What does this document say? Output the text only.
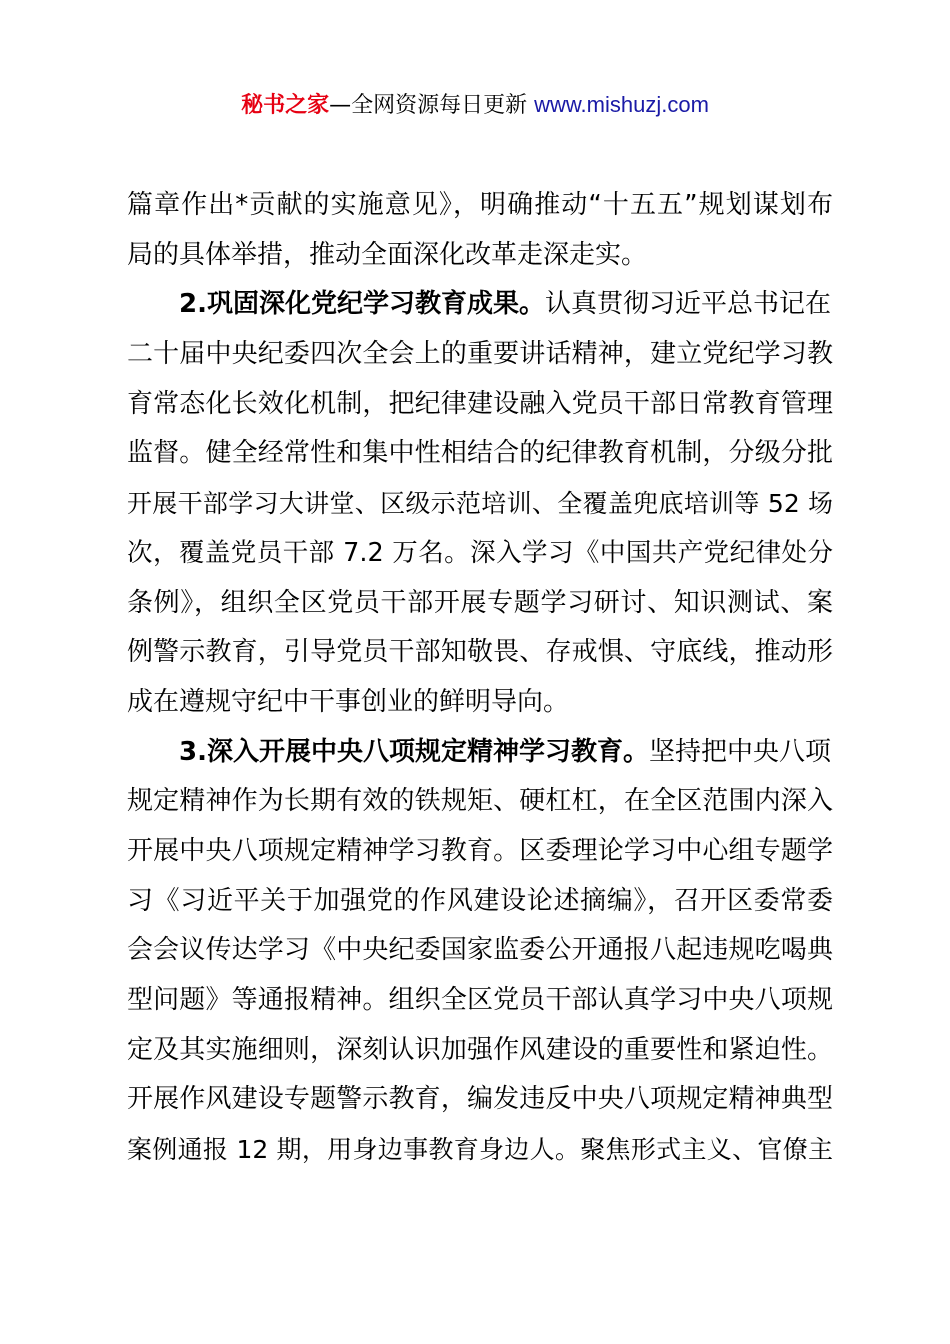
秘书之家—全网资源每日更新 www.mishuzj.com
篇章作出*贡献的实施意见》，明确推动“十五五”规划谋划布
局的具体举措，推动全面深化改革走深走实。
2.巩固深化党纪学习教育成果。认真贯彻习近平总书记在
二十届中央纪委四次全会上的重要讲话精神，建立党纪学习教
育常态化长效化机制，把纪律建设融入党员干部日常教育管理
监督。健全经常性和集中性相结合的纪律教育机制，分级分批
开展干部学习大讲堂、区级示范培训、全覆盖兜底培训等 52 场
次，覆盖党员干部 7.2 万名。深入学习《中国共产党纪律处分
条例》，组织全区党员干部开展专题学习研讨、知识测试、案
例警示教育，引导党员干部知敬畏、存戒惧、守底线，推动形
成在遵规守纪中干事创业的鲜明导向。
3.深入开展中央八项规定精神学习教育。坚持把中央八项
规定精神作为长期有效的铁规矩、硬杠杠，在全区范围内深入
开展中央八项规定精神学习教育。区委理论学习中心组专题学
习《习近平关于加强党的作风建设论述摘编》，召开区委常委
会会议传达学习《中央纪委国家监委公开通报八起违规吃喝典
型问题》等通报精神。组织全区党员干部认真学习中央八项规
定及其实施细则，深刻认识加强作风建设的重要性和紧迫性。
开展作风建设专题警示教育，编发违反中央八项规定精神典型
案例通报 12 期，用身边事教育身边人。聚焦形式主义、官僚主
